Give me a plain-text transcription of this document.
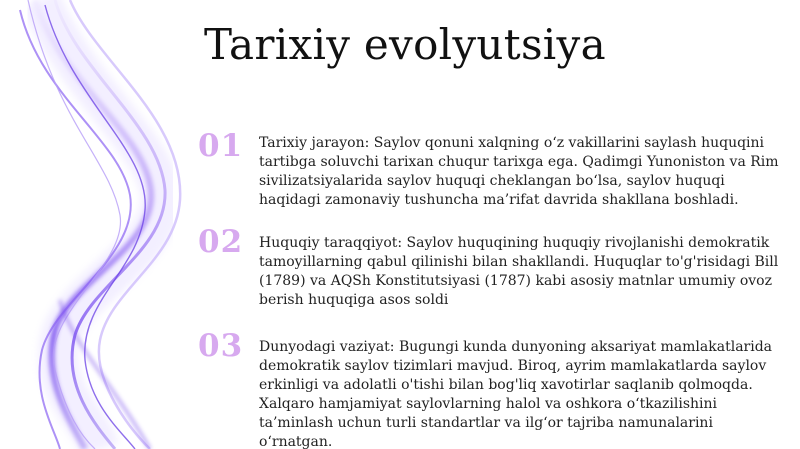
Tarixiy evolyutsiya
01 Tarixiy jarayon: Saylov qonuni xalqning o‘z vakillarini saylash huquqini tartibga soluvchi tarixan chuqur tarixga ega. Qadimgi Yunoniston va Rim sivilizatsiyalarida saylov huquqi cheklangan bo‘lsa, saylov huquqi haqidagi zamonaviy tushuncha ma’rifat davrida shakllana boshladi.
02 Huquqiy taraqqiyot: Saylov huquqining huquqiy rivojlanishi demokratik tamoyillarning qabul qilinishi bilan shakllandi. Huquqlar to'g'risidagi Bill (1789) va AQSh Konstitutsiyasi (1787) kabi asosiy matnlar umumiy ovoz berish huquqiga asos soldi
03 Dunyodagi vaziyat: Bugungi kunda dunyoning aksariyat mamlakatlarida demokratik saylov tizimlari mavjud. Biroq, ayrim mamlakatlarda saylov erkinligi va adolatli o'tishi bilan bog'liq xavotirlar saqlanib qolmoqda. Xalqaro hamjamiyat saylovlarning halol va oshkora o‘tkazilishini ta’minlash uchun turli standartlar va ilg‘or tajriba namunalarini o‘rnatgan.
